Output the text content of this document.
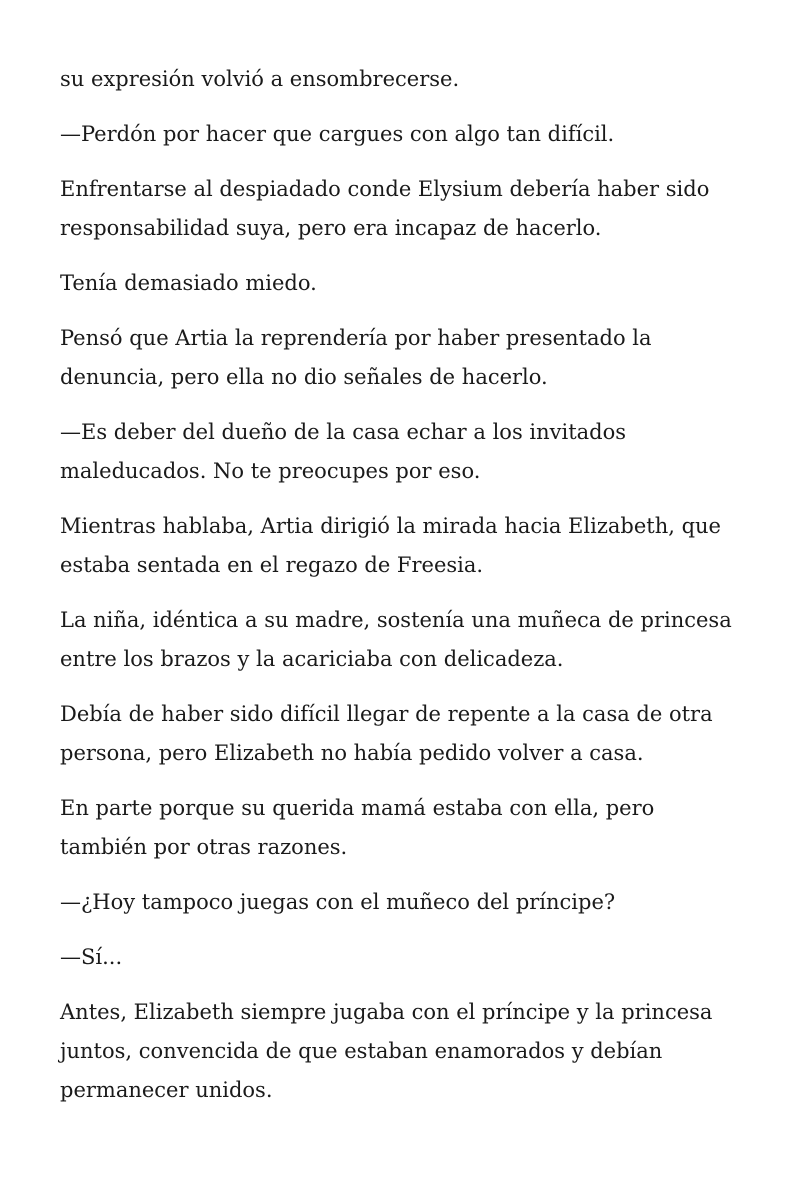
su expresión volvió a ensombrecerse.

—Perdón por hacer que cargues con algo tan difícil.

Enfrentarse al despiadado conde Elysium debería haber sido responsabilidad suya, pero era incapaz de hacerlo.

Tenía demasiado miedo.

Pensó que Artia la reprendería por haber presentado la denuncia, pero ella no dio señales de hacerlo.

—Es deber del dueño de la casa echar a los invitados maleducados. No te preocupes por eso.

Mientras hablaba, Artia dirigió la mirada hacia Elizabeth, que estaba sentada en el regazo de Freesia.

La niña, idéntica a su madre, sostenía una muñeca de princesa entre los brazos y la acariciaba con delicadeza.

Debía de haber sido difícil llegar de repente a la casa de otra persona, pero Elizabeth no había pedido volver a casa.

En parte porque su querida mamá estaba con ella, pero también por otras razones.

—¿Hoy tampoco juegas con el muñeco del príncipe?

—Sí...

Antes, Elizabeth siempre jugaba con el príncipe y la princesa juntos, convencida de que estaban enamorados y debían permanecer unidos.
